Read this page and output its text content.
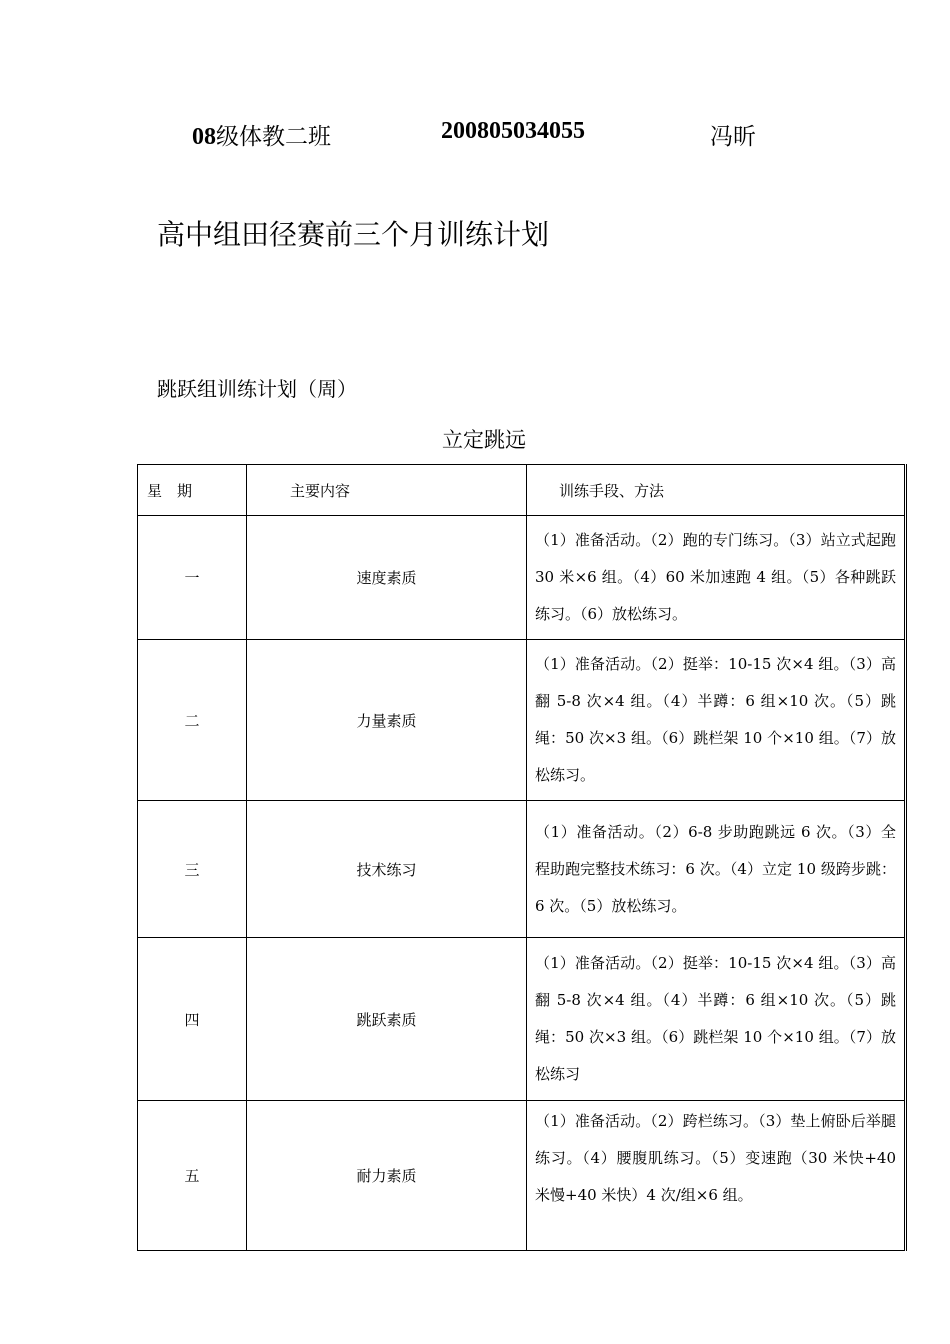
08级体教二班	200805034055	冯昕
高中组田径赛前三个月训练计划
跳跃组训练计划（周）
立定跳远
星　期	主要内容	训练手段、方法
一	速度素质	（1）准备活动。（2）跑的专门练习。（3）站立式起跑 30 米×6 组。（4）60 米加速跑 4 组。（5）各种跳跃练习。（6）放松练习。

二	力量素质	（1）准备活动。（2）挺举：10-15 次×4 组。（3）高翻 5-8 次×4 组。（4）半蹲：6 组×10 次。（5）跳绳：50 次×3 组。（6）跳栏架 10 个×10 组。（7）放松练习。

三	技术练习	（1）准备活动。（2）6-8 步助跑跳远 6 次。（3）全程助跑完整技术练习：6 次。（4）立定 10 级跨步跳：6 次。（5）放松练习。

四	跳跃素质	（1）准备活动。（2）挺举：10-15 次×4 组。（3）高翻 5-8 次×4 组。（4）半蹲：6 组×10 次。（5）跳绳：50 次×3 组。（6）跳栏架 10 个×10 组。（7）放松练习

五	耐力素质	（1）准备活动。（2）跨栏练习。（3）垫上俯卧后举腿练习。（4）腰腹肌练习。（5）变速跑（30 米快+40 米慢+40 米快）4 次/组×6 组。
